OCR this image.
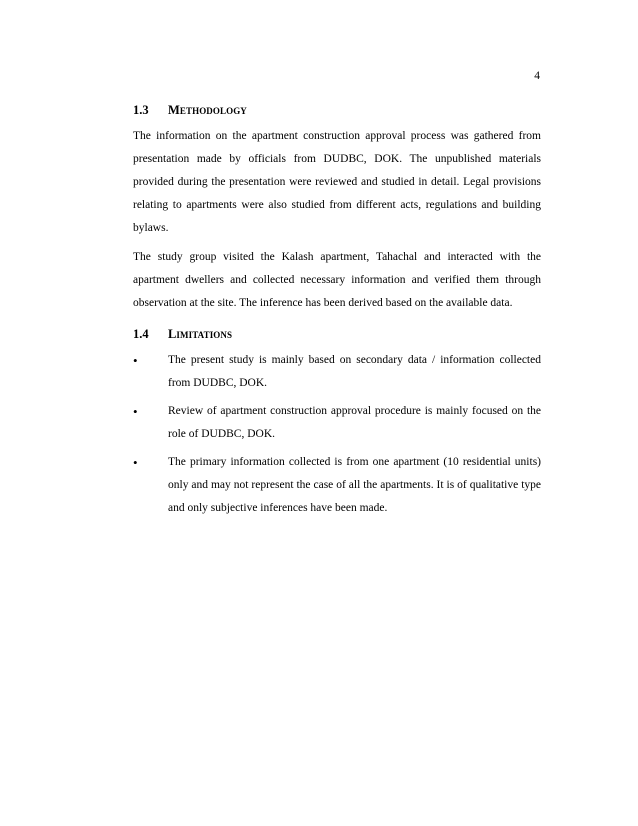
4
1.3	Methodology

The information on the apartment construction approval process was gathered from presentation made by officials from DUDBC, DOK. The unpublished materials provided during the presentation were reviewed and studied in detail. Legal provisions relating to apartments were also studied from different acts, regulations and building bylaws.

The study group visited the Kalash apartment, Tahachal and interacted with the apartment dwellers and collected necessary information and verified them through observation at the site. The inference has been derived based on the available data.

1.4	Limitations
•	The present study is mainly based on secondary data / information collected from DUDBC, DOK.
•	Review of apartment construction approval procedure is mainly focused on the role of DUDBC, DOK.
•	The primary information collected is from one apartment (10 residential units) only and may not represent the case of all the apartments. It is of qualitative type and only subjective inferences have been made.
